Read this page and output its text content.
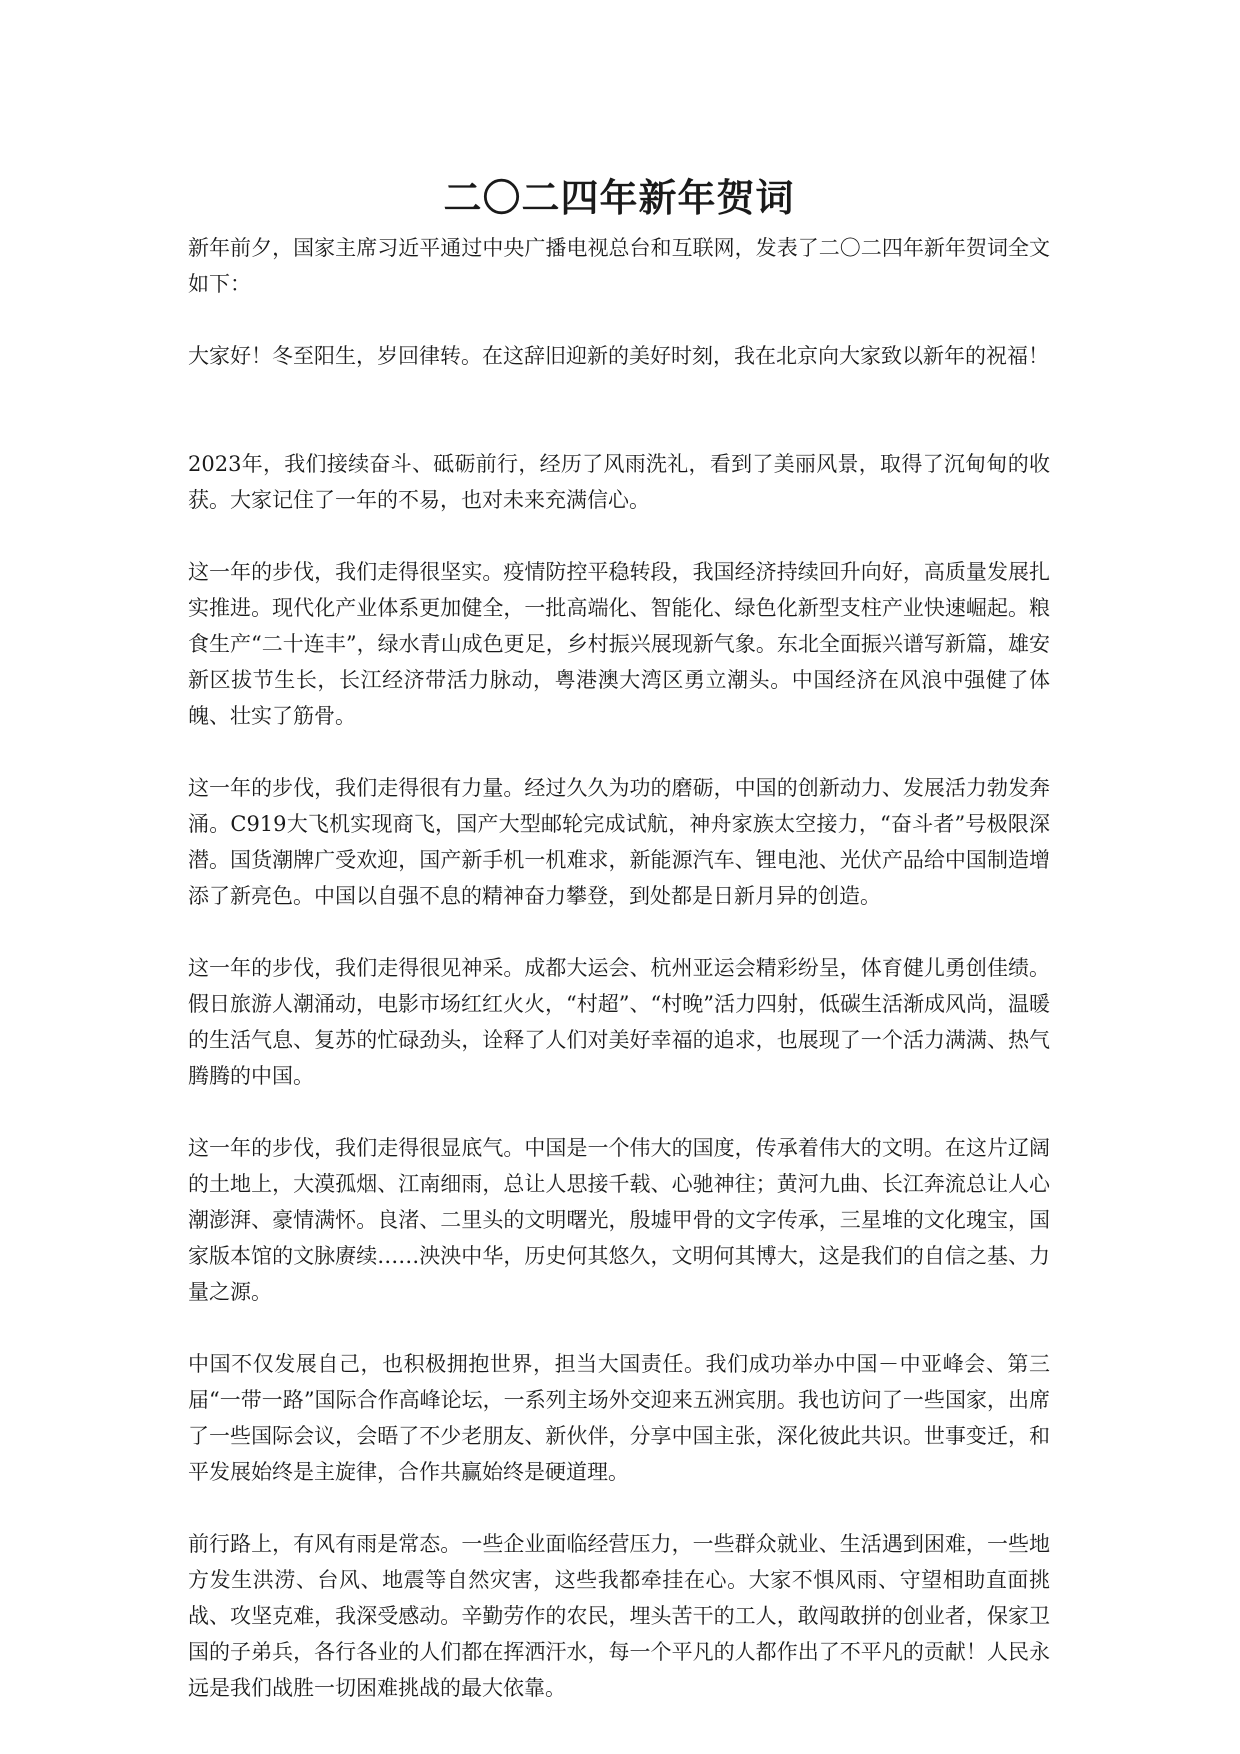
二〇二四年新年贺词

新年前夕，国家主席习近平通过中央广播电视总台和互联网，发表了二〇二四年新年贺词全文如下：

大家好！冬至阳生，岁回律转。在这辞旧迎新的美好时刻，我在北京向大家致以新年的祝福！

2023年，我们接续奋斗、砥砺前行，经历了风雨洗礼，看到了美丽风景，取得了沉甸甸的收获。大家记住了一年的不易，也对未来充满信心。

这一年的步伐，我们走得很坚实。疫情防控平稳转段，我国经济持续回升向好，高质量发展扎实推进。现代化产业体系更加健全，一批高端化、智能化、绿色化新型支柱产业快速崛起。粮食生产“二十连丰”，绿水青山成色更足，乡村振兴展现新气象。东北全面振兴谱写新篇，雄安新区拔节生长，长江经济带活力脉动，粤港澳大湾区勇立潮头。中国经济在风浪中强健了体魄、壮实了筋骨。

这一年的步伐，我们走得很有力量。经过久久为功的磨砺，中国的创新动力、发展活力勃发奔涌。C919大飞机实现商飞，国产大型邮轮完成试航，神舟家族太空接力，“奋斗者”号极限深潜。国货潮牌广受欢迎，国产新手机一机难求，新能源汽车、锂电池、光伏产品给中国制造增添了新亮色。中国以自强不息的精神奋力攀登，到处都是日新月异的创造。

这一年的步伐，我们走得很见神采。成都大运会、杭州亚运会精彩纷呈，体育健儿勇创佳绩。假日旅游人潮涌动，电影市场红红火火，“村超”、“村晚”活力四射，低碳生活渐成风尚，温暖的生活气息、复苏的忙碌劲头，诠释了人们对美好幸福的追求，也展现了一个活力满满、热气腾腾的中国。

这一年的步伐，我们走得很显底气。中国是一个伟大的国度，传承着伟大的文明。在这片辽阔的土地上，大漠孤烟、江南细雨，总让人思接千载、心驰神往；黄河九曲、长江奔流总让人心潮澎湃、豪情满怀。良渚、二里头的文明曙光，殷墟甲骨的文字传承，三星堆的文化瑰宝，国家版本馆的文脉赓续……泱泱中华，历史何其悠久，文明何其博大，这是我们的自信之基、力量之源。

中国不仅发展自己，也积极拥抱世界，担当大国责任。我们成功举办中国－中亚峰会、第三届“一带一路”国际合作高峰论坛，一系列主场外交迎来五洲宾朋。我也访问了一些国家，出席了一些国际会议，会晤了不少老朋友、新伙伴，分享中国主张，深化彼此共识。世事变迁，和平发展始终是主旋律，合作共赢始终是硬道理。

前行路上，有风有雨是常态。一些企业面临经营压力，一些群众就业、生活遇到困难，一些地方发生洪涝、台风、地震等自然灾害，这些我都牵挂在心。大家不惧风雨、守望相助直面挑战、攻坚克难，我深受感动。辛勤劳作的农民，埋头苦干的工人，敢闯敢拼的创业者，保家卫国的子弟兵，各行各业的人们都在挥洒汗水，每一个平凡的人都作出了不平凡的贡献！人民永远是我们战胜一切困难挑战的最大依靠。
